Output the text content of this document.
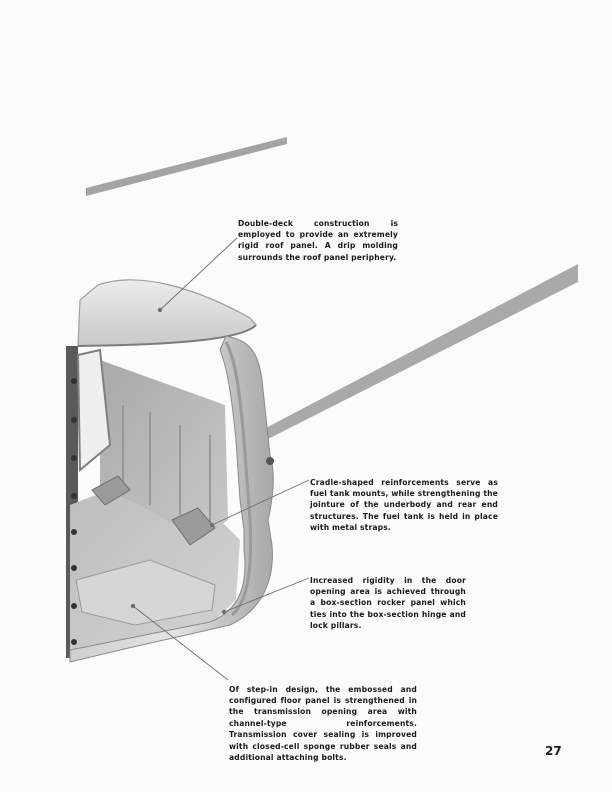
Double-deck construction is employed to provide an extremely rigid roof panel. A drip molding surrounds the roof panel periphery.

Cradle-shaped reinforcements serve as fuel tank mounts, while strengthening the jointure of the underbody and rear end structures. The fuel tank is held in place with metal straps.

Increased rigidity in the door opening area is achieved through a box-section rocker panel which ties into the box-section hinge and lock pillars.

Of step-in design, the embossed and configured floor panel is strengthened in the transmission opening area with channel-type reinforcements. Transmission cover sealing is improved with closed-cell sponge rubber seals and additional attaching bolts.	27
